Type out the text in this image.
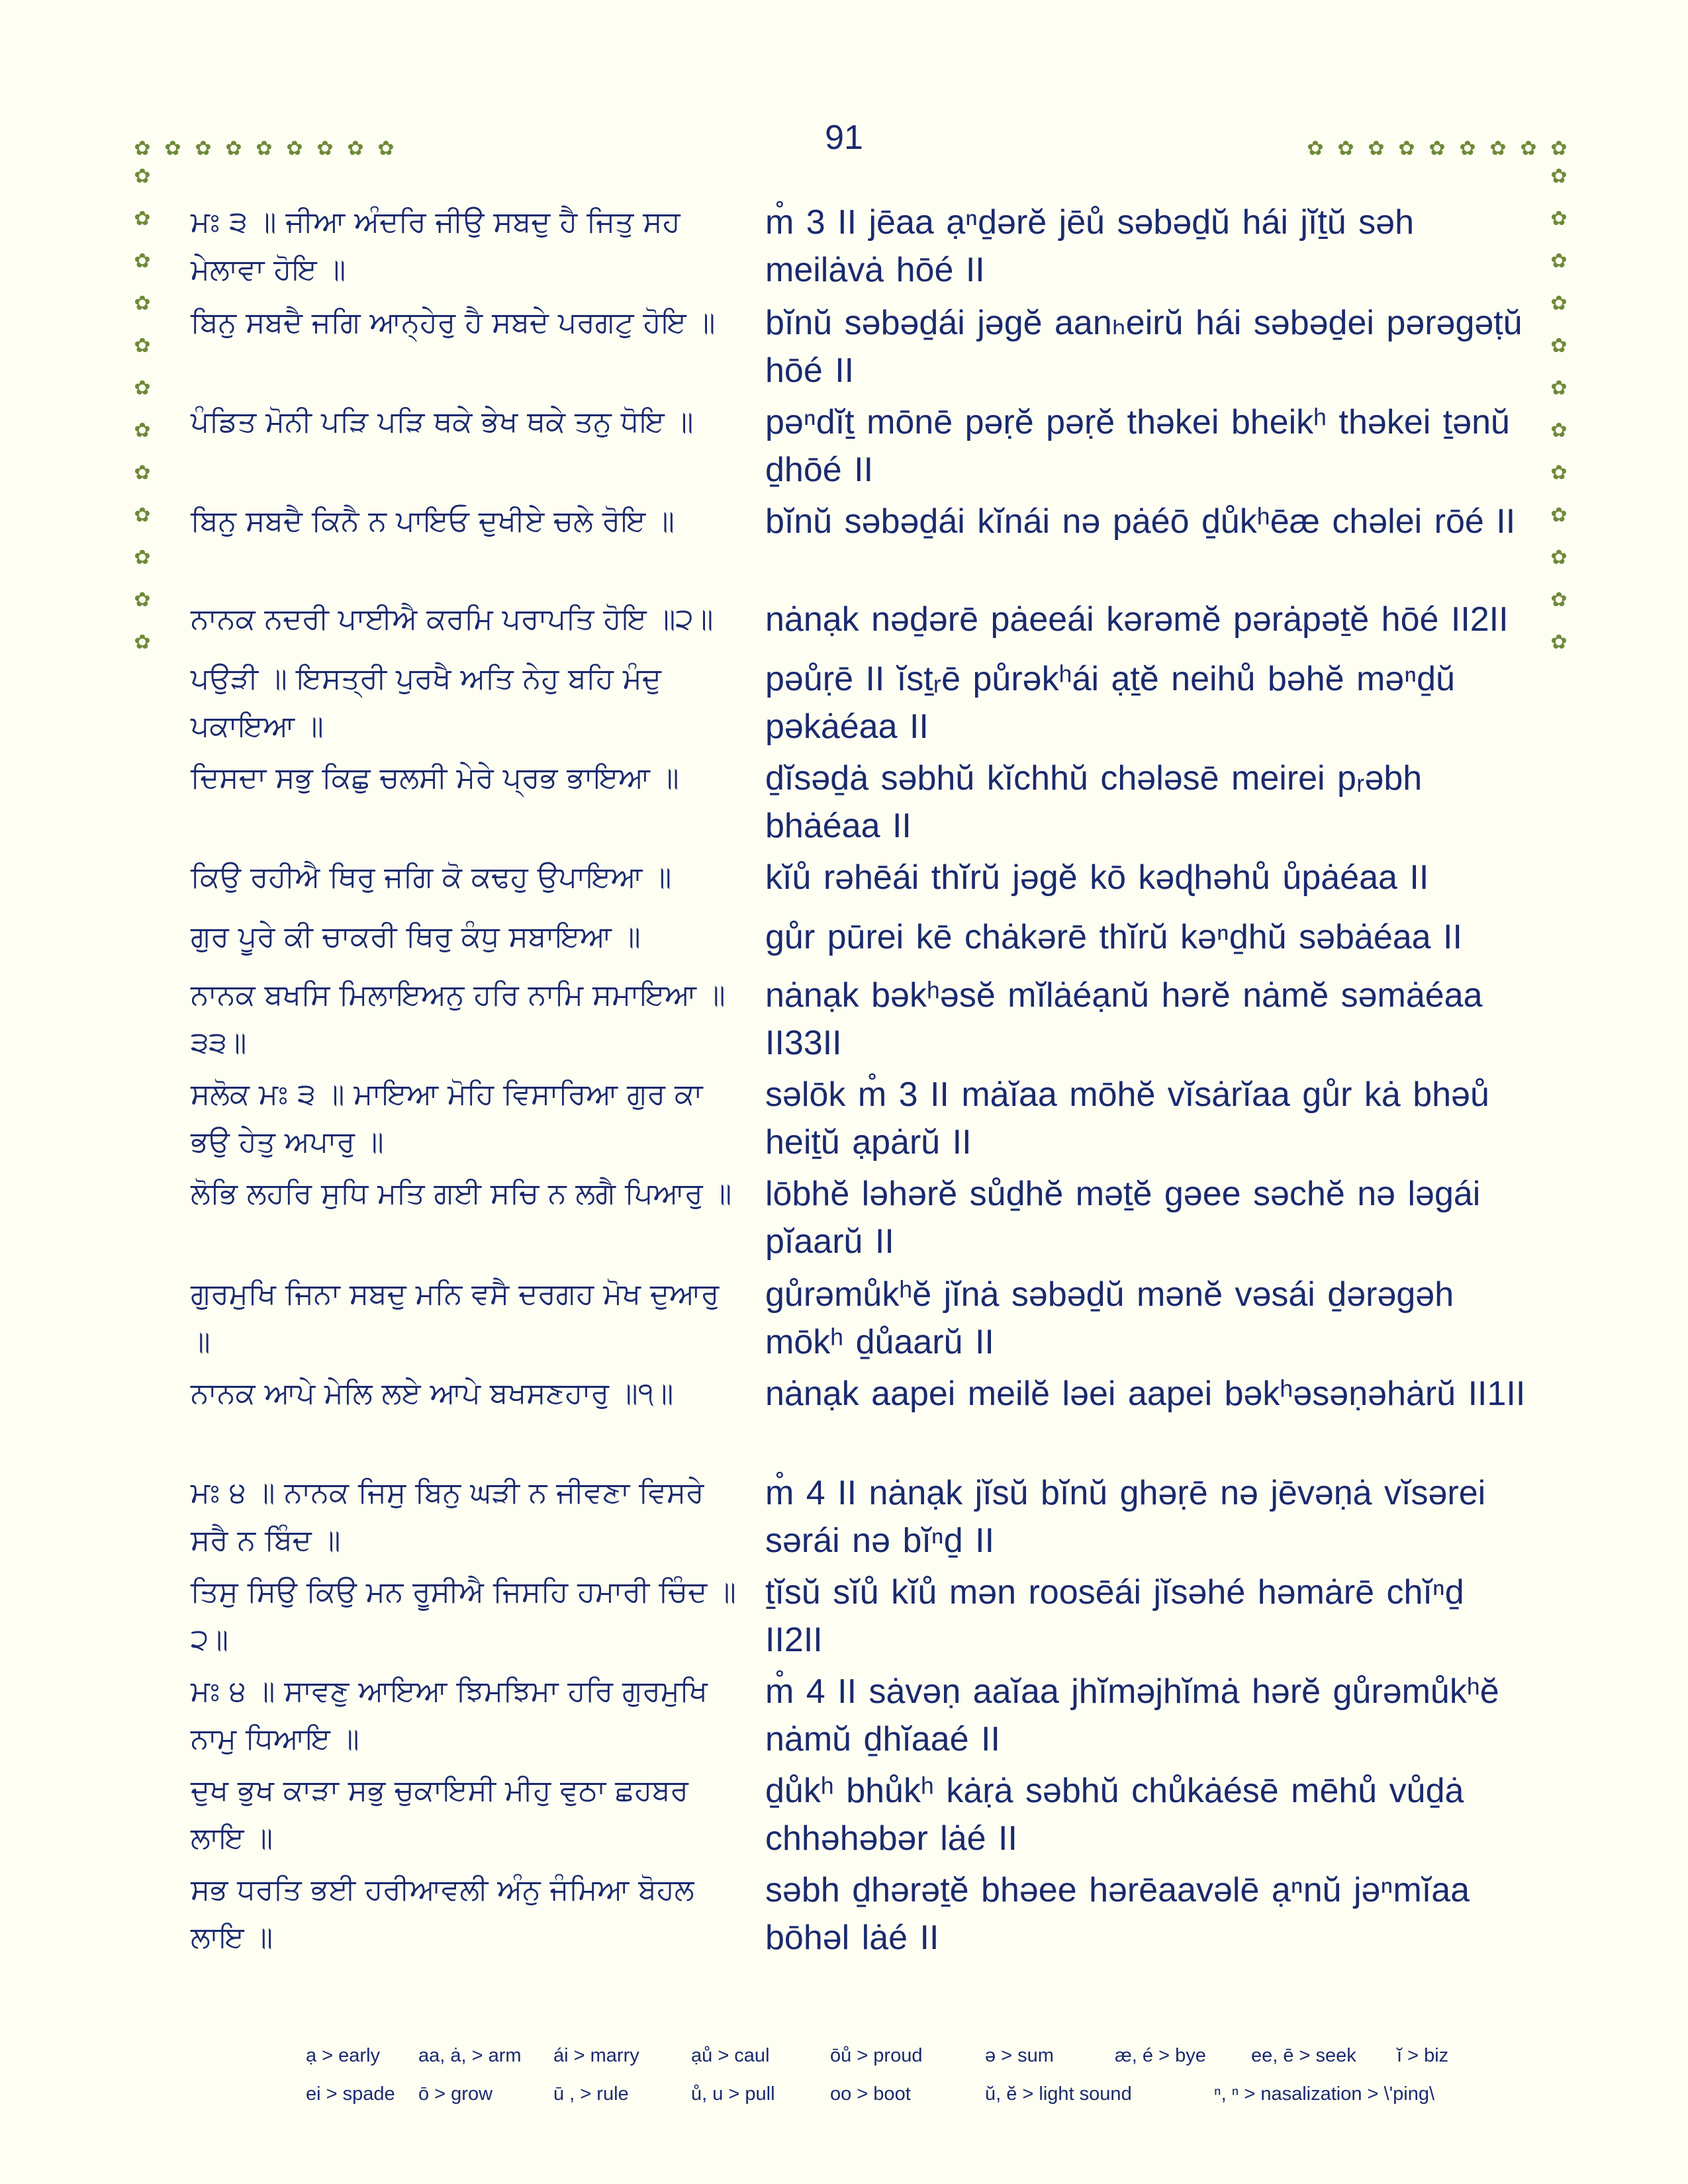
91
✿
✿
✿
✿
✿
✿
✿
✿
✿
✿
✿
✿
✿
✿
✿
✿
✿
✿
✿
✿
✿
✿
✿
✿
✿
✿
✿
✿
✿
✿
✿
✿
✿
✿
✿
✿
✿
✿
✿
✿
✿
✿
ਮਃ ੩ ॥ ਜੀਆ ਅੰਦਰਿ ਜੀਉ ਸਬਦੁ ਹੈ ਜਿਤੁ ਸਹ ਮੇਲਾਵਾ ਹੋਇ ॥
m̊ 3 II jēaa ạⁿḏərĕ jēů səbəḏŭ hái jĭṯŭ səh meilȧvȧ hōé II
ਬਿਨੁ ਸਬਦੈ ਜਗਿ ਆਨ੍ਹੇਰੁ ਹੈ ਸਬਦੇ ਪਰਗਟੁ ਹੋਇ ॥	bĭnŭ səbəḏái jəgĕ aanₕeirŭ hái səbəḏei pərəgəṭŭ hōé II
ਪੰਡਿਤ ਮੋਨੀ ਪੜਿ ਪੜਿ ਥਕੇ ਭੇਖ ਥਕੇ ਤਨੁ ਧੋਇ ॥	pəⁿdĭṯ mōnē pəṛĕ pəṛĕ thəkei bheikʰ thəkei ṯənŭ ḏhōé II
ਬਿਨੁ ਸਬਦੈ ਕਿਨੈ ਨ ਪਾਇਓ ਦੁਖੀਏ ਚਲੇ ਰੋਇ ॥	bĭnŭ səbəḏái kĭnái nə pȧéō ḏůkʰēæ chəlei rōé II
ਨਾਨਕ ਨਦਰੀ ਪਾਈਐ ਕਰਮਿ ਪਰਾਪਤਿ ਹੋਇ ॥੨॥	nȧnạk nəḏərē pȧeeái kərəmĕ pərȧpəṯĕ hōé II2II
ਪਉੜੀ ॥ ਇਸਤ੍ਰੀ ਪੁਰਖੈ ਅਤਿ ਨੇਹੁ ਬਹਿ ਮੰਦੁ ਪਕਾਇਆ ॥
pəůṛē II ĭsṯᵣē půrəkʰái ạṯĕ neihů bəhĕ məⁿḏŭ pəkȧéaa II
ਦਿਸਦਾ ਸਭੁ ਕਿਛੁ ਚਲਸੀ ਮੇਰੇ ਪ੍ਰਭ ਭਾਇਆ ॥	ḏĭsəḏȧ səbhŭ kĭchhŭ chələsē meirei pᵣəbh bhȧéaa II
ਕਿਉ ਰਹੀਐ ਥਿਰੁ ਜਗਿ ਕੋ ਕਢਹੁ ਉਪਾਇਆ ॥	kĭů rəhēái thĭrŭ jəgĕ kō kəɖhəhů ůpȧéaa II
ਗੁਰ ਪੂਰੇ ਕੀ ਚਾਕਰੀ ਥਿਰੁ ਕੰਧੁ ਸਬਾਇਆ ॥	gůr pūrei kē chȧkərē thĭrŭ kəⁿḏhŭ səbȧéaa II
ਨਾਨਕ ਬਖਸਿ ਮਿਲਾਇਅਨੁ ਹਰਿ ਨਾਮਿ ਸਮਾਇਆ ॥੩੩॥
nȧnạk bəkʰəsĕ mĭlȧéạnŭ hərĕ nȧmĕ səmȧéaa II33II
ਸਲੋਕ ਮਃ ੩ ॥ ਮਾਇਆ ਮੋਹਿ ਵਿਸਾਰਿਆ ਗੁਰ ਕਾ ਭਉ ਹੇਤੁ ਅਪਾਰੁ ॥
səlōk m̊ 3 II mȧĭaa mōhĕ vĭsȧrĭaa gůr kȧ bhəů heiṯŭ ạpȧrŭ II
ਲੋਭਿ ਲਹਰਿ ਸੁਧਿ ਮਤਿ ਗਈ ਸਚਿ ਨ ਲਗੈ ਪਿਆਰੁ ॥ lōbhĕ ləhərĕ sůḏhĕ məṯĕ gəee səchĕ nə ləgái pĭaarŭ II
ਗੁਰਮੁਖਿ ਜਿਨਾ ਸਬਦੁ ਮਨਿ ਵਸੈ ਦਰਗਹ ਮੋਖ ਦੁਆਰੁ ॥
gůrəmůkʰĕ jĭnȧ səbəḏŭ mənĕ vəsái ḏərəgəh mōkʰ ḏůaarŭ II
ਨਾਨਕ ਆਪੇ ਮੇਲਿ ਲਏ ਆਪੇ ਬਖਸਣਹਾਰੁ ॥੧॥	nȧnạk aapei meilĕ ləei aapei bəkʰəsəṇəhȧrŭ II1II
ਮਃ ੪ ॥ ਨਾਨਕ ਜਿਸੁ ਬਿਨੁ ਘੜੀ ਨ ਜੀਵਣਾ ਵਿਸਰੇ ਸਰੈ ਨ ਬਿੰਦ ॥
m̊ 4 II nȧnạk jĭsŭ bĭnŭ ghəṛē nə jēvəṇȧ vĭsərei sərái nə bĭⁿḏ II
ਤਿਸੁ ਸਿਉ ਕਿਉ ਮਨ ਰੂਸੀਐ ਜਿਸਹਿ ਹਮਾਰੀ ਚਿੰਦ ॥੨॥
ṯĭsŭ sĭů kĭů mən roosēái jĭsəhé həmȧrē chĭⁿḏ II2II
ਮਃ ੪ ॥ ਸਾਵਣੁ ਆਇਆ ਝਿਮਝਿਮਾ ਹਰਿ ਗੁਰਮੁਖਿ ਨਾਮੁ ਧਿਆਇ ॥
m̊ 4 II sȧvəṇ aaĭaa jhĭməjhĭmȧ hərĕ gůrəmůkʰĕ nȧmŭ ḏhĭaaé II
ਦੁਖ ਭੁਖ ਕਾੜਾ ਸਭੁ ਚੁਕਾਇਸੀ ਮੀਹੁ ਵੁਠਾ ਛਹਬਰ ਲਾਇ ॥
ḏůkʰ bhůkʰ kȧṛȧ səbhŭ chůkȧésē mēhů vůḏȧ chhəhəbər lȧé II
ਸਭ ਧਰਤਿ ਭਈ ਹਰੀਆਵਲੀ ਅੰਨੁ ਜੰਮਿਆ ਬੋਹਲ ਲਾਇ ॥
səbh ḏhərəṯĕ bhəee hərēaavəlē ạⁿnŭ jəⁿmĭaa bōhəl lȧé II
ạ > early aa, ȧ, > arm ái > marry	ạů > caul	ōů > proud	ə > sum	æ, é > bye ee, ē > seek ĭ > biz
ei > spade ō > grow	ū , > rule	ů, u > pull	oo > boot	ŭ, ĕ > light sound	ⁿ, ⁿ > nasalization > \'ping\
